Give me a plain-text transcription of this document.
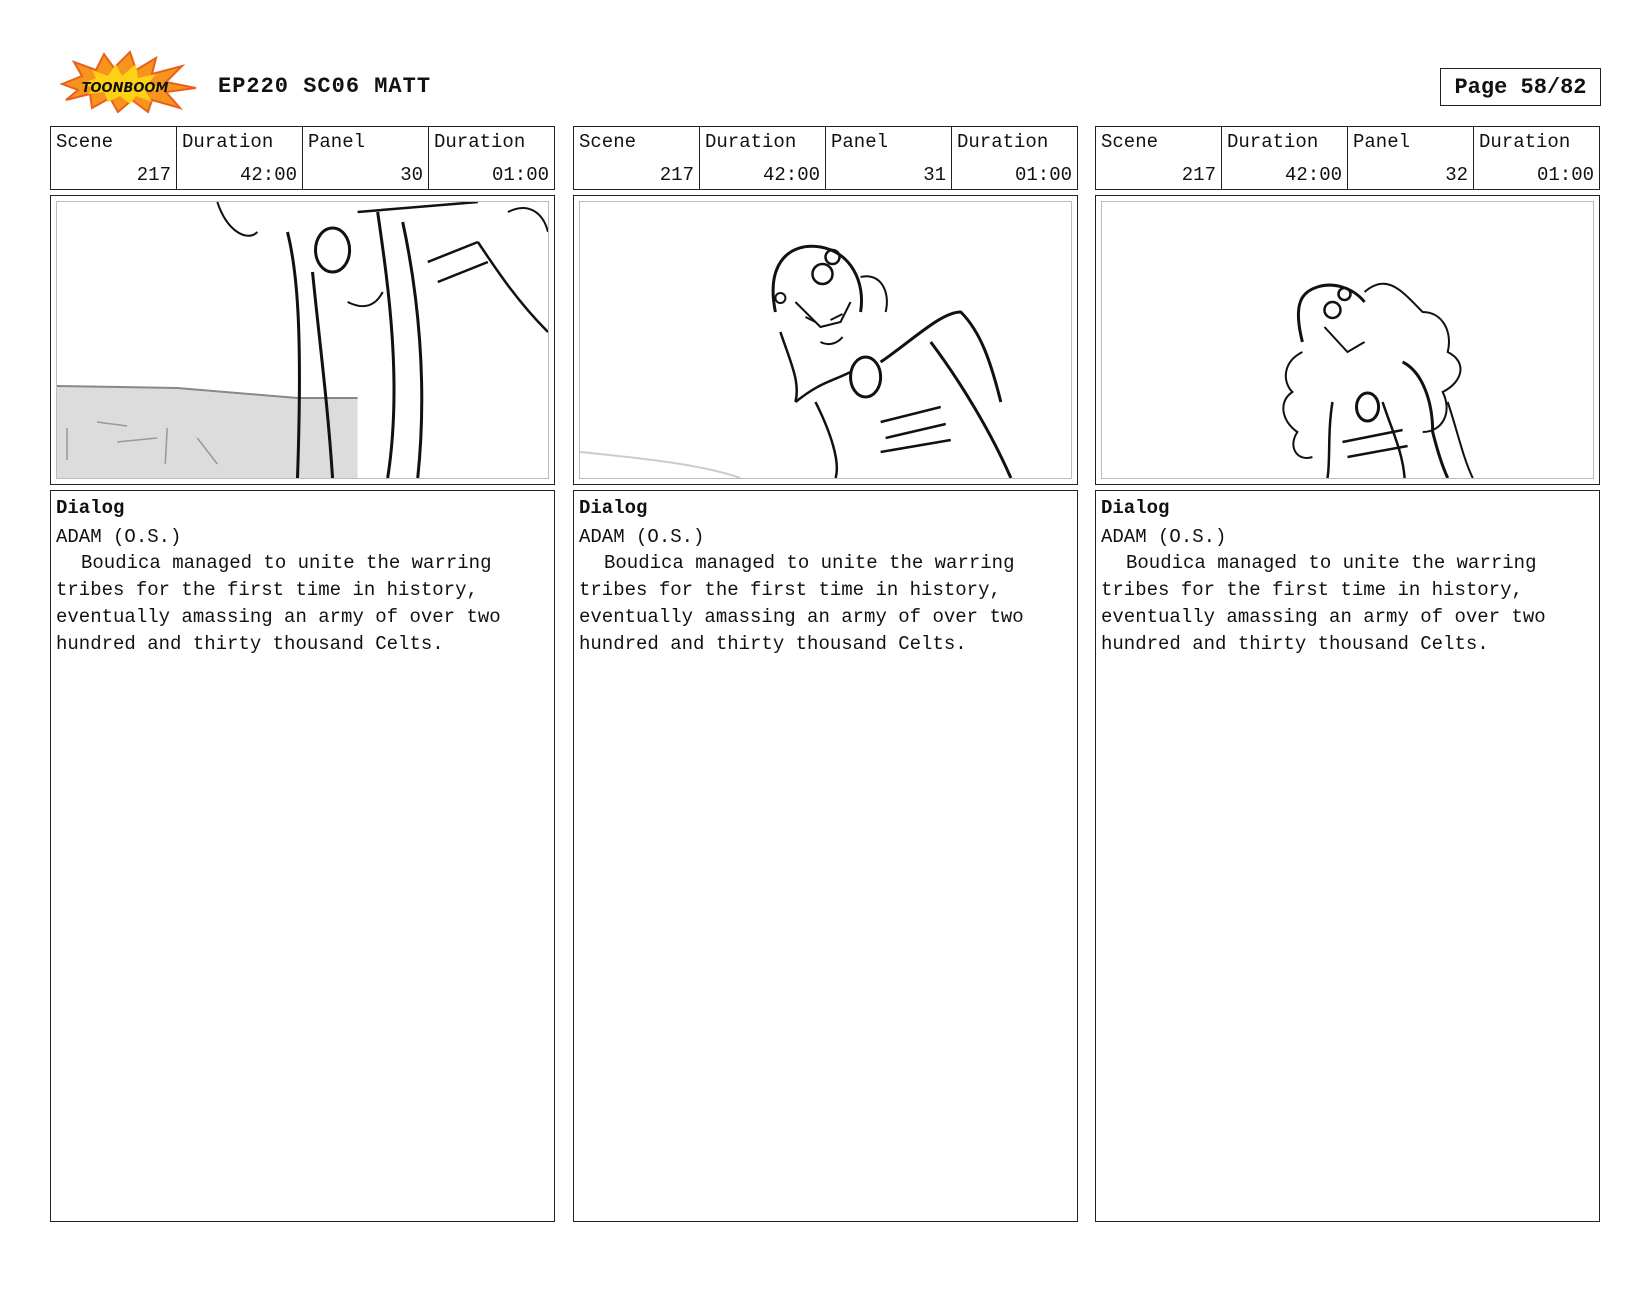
TOONBOOM EP220 SC06 MATT	Page 58/82
Scene
217
Duration
42:00
Panel
30
Duration
01:00
Dialog
ADAM (O.S.)
Boudica managed to unite the warring tribes for the first time in history, eventually amassing an army of over two hundred and thirty thousand Celts.
Scene
217
Duration
42:00
Panel
31
Duration
01:00
Dialog
ADAM (O.S.)
Boudica managed to unite the warring tribes for the first time in history, eventually amassing an army of over two hundred and thirty thousand Celts.
Scene
217
Duration
42:00
Panel
32
Duration
01:00
Dialog
ADAM (O.S.)
Boudica managed to unite the warring tribes for the first time in history, eventually amassing an army of over two hundred and thirty thousand Celts.
